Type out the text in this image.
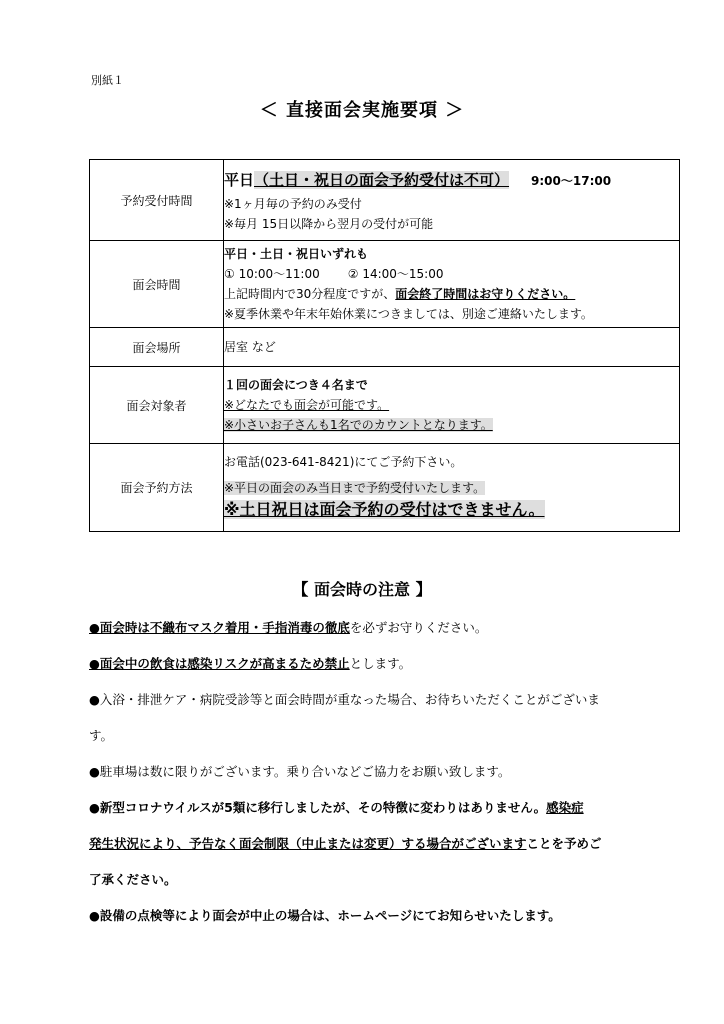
別紙１
＜ 直接面会実施要項 ＞
予約受付時間	平日（土日・祝日の面会予約受付は不可） 9:00～17:00
※1ヶ月毎の予約のみ受付
※毎月 15日以降から翌月の受付が可能

面会時間	平日・土日・祝日いずれも
① 10:00～11:00 ② 14:00～15:00
上記時間内で30分程度ですが、面会終了時間はお守りください。
※夏季休業や年末年始休業につきましては、別途ご連絡いたします。

面会場所	居室 など

面会対象者	１回の面会につき４名まで
※どなたでも面会が可能です。
※小さいお子さんも1名でのカウントとなります。

面会予約方法	お電話(023-641-8421)にてご予約下さい。
※平日の面会のみ当日まで予約受付いたします。
※土日祝日は面会予約の受付はできません。
【 面会時の注意 】
●面会時は不織布マスク着用・手指消毒の徹底を必ずお守りください。
●面会中の飲食は感染リスクが高まるため禁止とします。
●入浴・排泄ケア・病院受診等と面会時間が重なった場合、お待ちいただくことがございま
す。
●駐車場は数に限りがございます。乗り合いなどご協力をお願い致します。
●新型コロナウイルスが5類に移行しましたが、その特徴に変わりはありません。感染症
発生状況により、予告なく面会制限（中止または変更）する場合がございますことを予めご
了承ください。
●設備の点検等により面会が中止の場合は、ホームページにてお知らせいたします。
